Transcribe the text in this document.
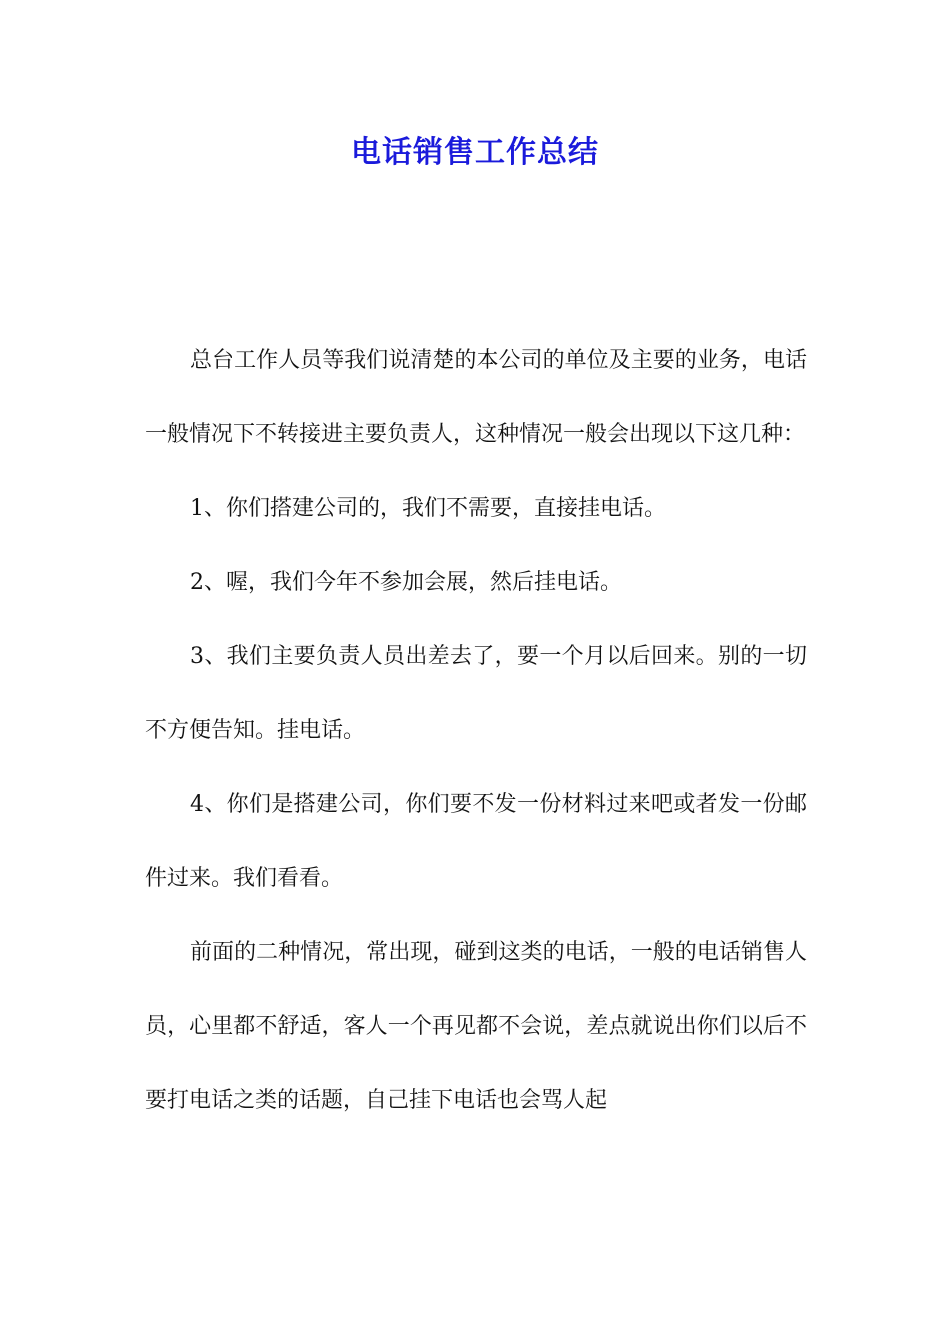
电话销售工作总结

总台工作人员等我们说清楚的本公司的单位及主要的业务，电话一般情况下不转接进主要负责人，这种情况一般会出现以下这几种：

1、你们搭建公司的，我们不需要，直接挂电话。

2、喔，我们今年不参加会展，然后挂电话。

3、我们主要负责人员出差去了，要一个月以后回来。别的一切不方便告知。挂电话。

4、你们是搭建公司，你们要不发一份材料过来吧或者发一份邮件过来。我们看看。

前面的二种情况，常出现，碰到这类的电话，一般的电话销售人员，心里都不舒适，客人一个再见都不会说，差点就说出你们以后不要打电话之类的话题，自己挂下电话也会骂人起
